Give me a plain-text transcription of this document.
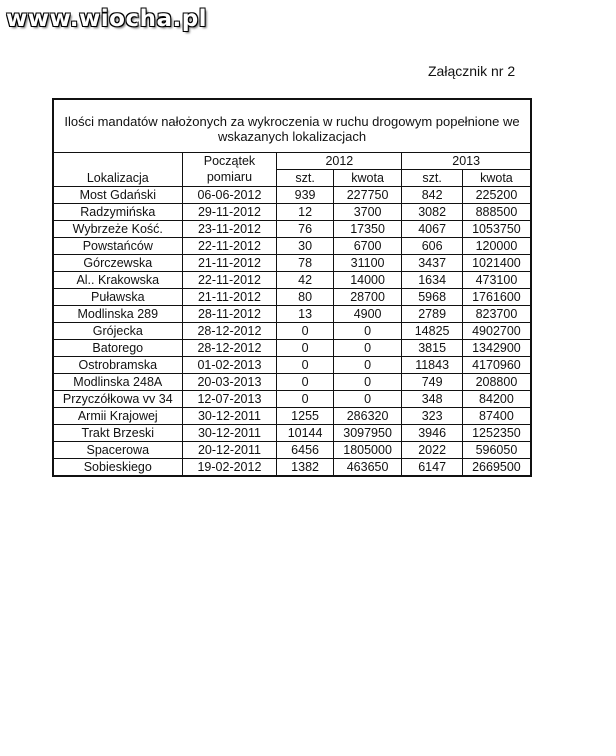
www.wiocha.pl
Załącznik nr 2
Ilości mandatów nałożonych za wykroczenia w ruchu drogowym popełnione we wskazanych lokalizacjach					
Lokalizacja	Początek	2012		2013	
	pomiaru	szt.	kwota	szt.	kwota
Most Gdański	06-06-2012	939	227750	842	225200
Radzymińska	29-11-2012	12	3700	3082	888500
Wybrzeże Kość.	23-11-2012	76	17350	4067	1053750
Powstańców	22-11-2012	30	6700	606	120000
Górczewska	21-11-2012	78	31100	3437	1021400
Al.. Krakowska	22-11-2012	42	14000	1634	473100
Puławska	21-11-2012	80	28700	5968	1761600
Modlinska 289	28-11-2012	13	4900	2789	823700
Grójecka	28-12-2012	0	0	14825	4902700
Batorego	28-12-2012	0	0	3815	1342900
Ostrobramska	01-02-2013	0	0	11843	4170960
Modlinska 248A	20-03-2013	0	0	749	208800
Przyczółkowa vv 34	12-07-2013	0	0	348	84200
Armii Krajowej	30-12-2011	1255	286320	323	87400
Trakt Brzeski	30-12-2011	10144	3097950	3946	1252350
Spacerowa	20-12-2011	6456	1805000	2022	596050
Sobieskiego	19-02-2012	1382	463650	6147	2669500
